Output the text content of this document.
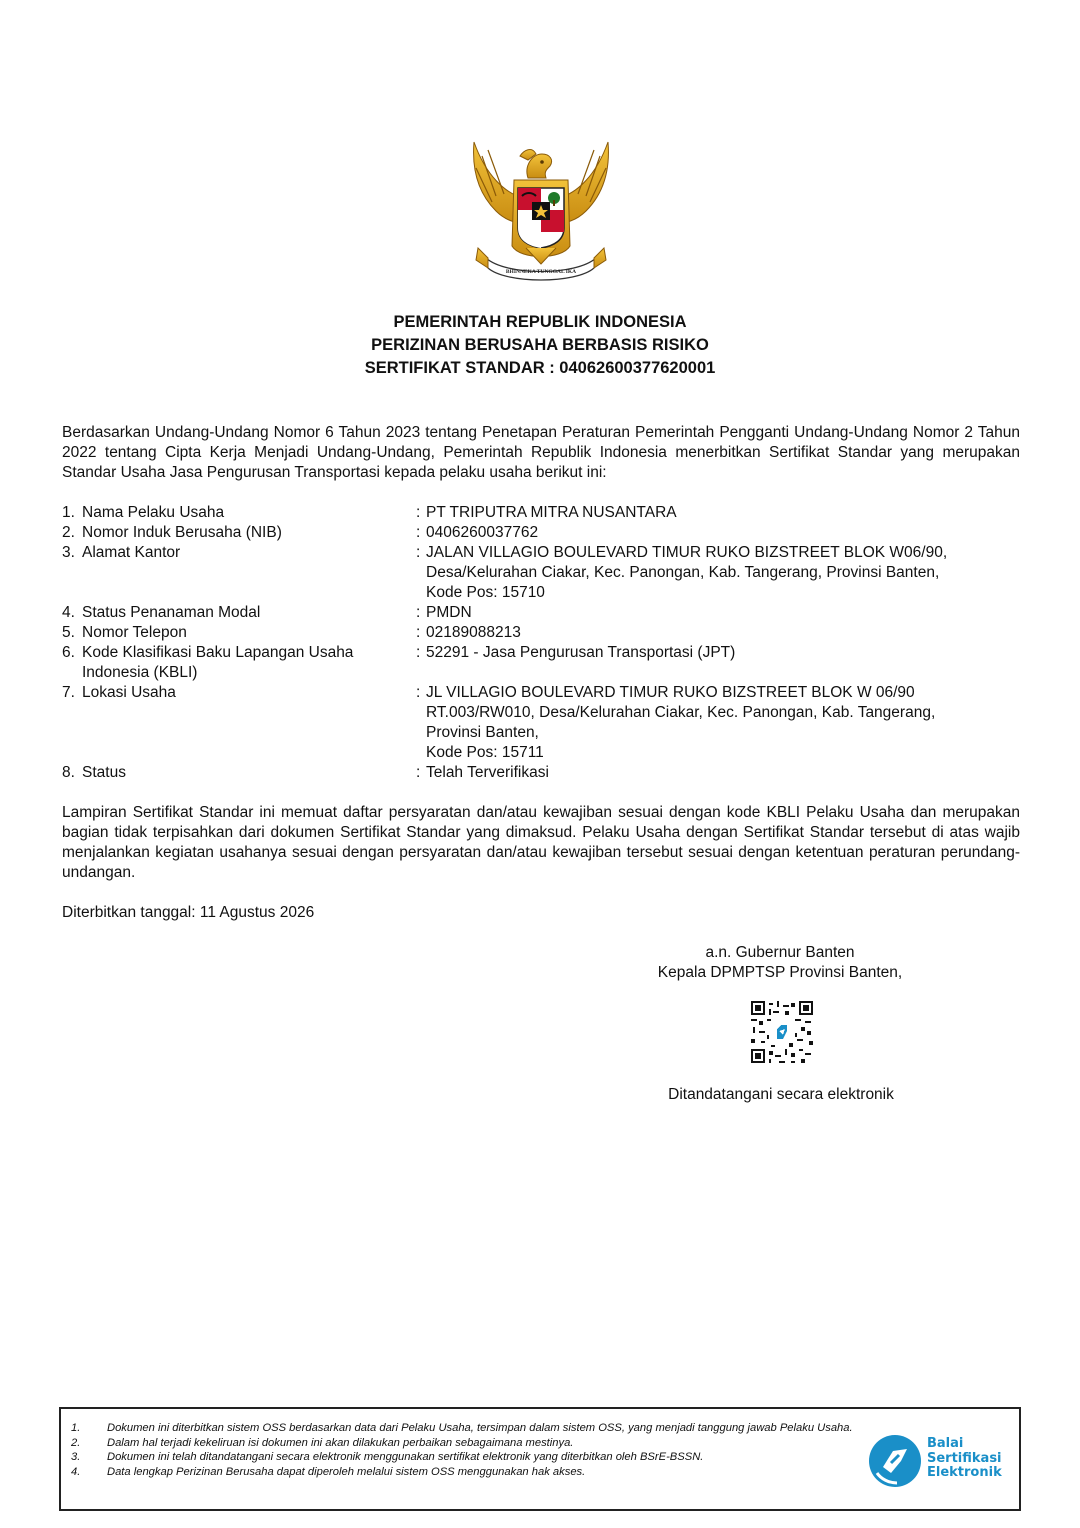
BHINNEKA TUNGGAL IKA
PEMERINTAH REPUBLIK INDONESIA
PERIZINAN BERUSAHA BERBASIS RISIKO
SERTIFIKAT STANDAR : 04062600377620001
Berdasarkan Undang-Undang Nomor 6 Tahun 2023 tentang Penetapan Peraturan Pemerintah Pengganti Undang-Undang Nomor 2 Tahun 2022 tentang Cipta Kerja Menjadi Undang-Undang, Pemerintah Republik Indonesia menerbitkan Sertifikat Standar yang merupakan Standar Usaha Jasa Pengurusan Transportasi kepada pelaku usaha berikut ini:
1. Nama Pelaku Usaha	: PT TRIPUTRA MITRA NUSANTARA
2. Nomor Induk Berusaha (NIB)	: 0406260037762
3. Alamat Kantor	: JALAN VILLAGIO BOULEVARD TIMUR RUKO BIZSTREET BLOK W06/90,
Desa/Kelurahan Ciakar, Kec. Panongan, Kab. Tangerang, Provinsi Banten,
Kode Pos: 15710
4. Status Penanaman Modal	: PMDN
5. Nomor Telepon	: 02189088213
6. Kode Klasifikasi Baku Lapangan Usaha Indonesia (KBLI)
: 52291 - Jasa Pengurusan Transportasi (JPT)
7. Lokasi Usaha	: JL VILLAGIO BOULEVARD TIMUR RUKO BIZSTREET BLOK W 06/90
RT.003/RW010, Desa/Kelurahan Ciakar, Kec. Panongan, Kab. Tangerang,
Provinsi Banten,
Kode Pos: 15711
8. Status	: Telah Terverifikasi
Lampiran Sertifikat Standar ini memuat daftar persyaratan dan/atau kewajiban sesuai dengan kode KBLI Pelaku Usaha dan merupakan bagian tidak terpisahkan dari dokumen Sertifikat Standar yang dimaksud. Pelaku Usaha dengan Sertifikat Standar tersebut di atas wajib menjalankan kegiatan usahanya sesuai dengan persyaratan dan/atau kewajiban tersebut sesuai dengan ketentuan peraturan perundang-undangan.
Diterbitkan tanggal: 11 Agustus 2026
a.n. Gubernur Banten
Kepala DPMPTSP Provinsi Banten,
Ditandatangani secara elektronik
1.	Dokumen ini diterbitkan sistem OSS berdasarkan data dari Pelaku Usaha, tersimpan dalam sistem OSS, yang menjadi tanggung jawab Pelaku Usaha.
2.	Dalam hal terjadi kekeliruan isi dokumen ini akan dilakukan perbaikan sebagaimana mestinya.
3.	Dokumen ini telah ditandatangani secara elektronik menggunakan sertifikat elektronik yang diterbitkan oleh BSrE-BSSN.
4.	Data lengkap Perizinan Berusaha dapat diperoleh melalui sistem OSS menggunakan hak akses.
Balai
Sertifikasi
Elektronik
